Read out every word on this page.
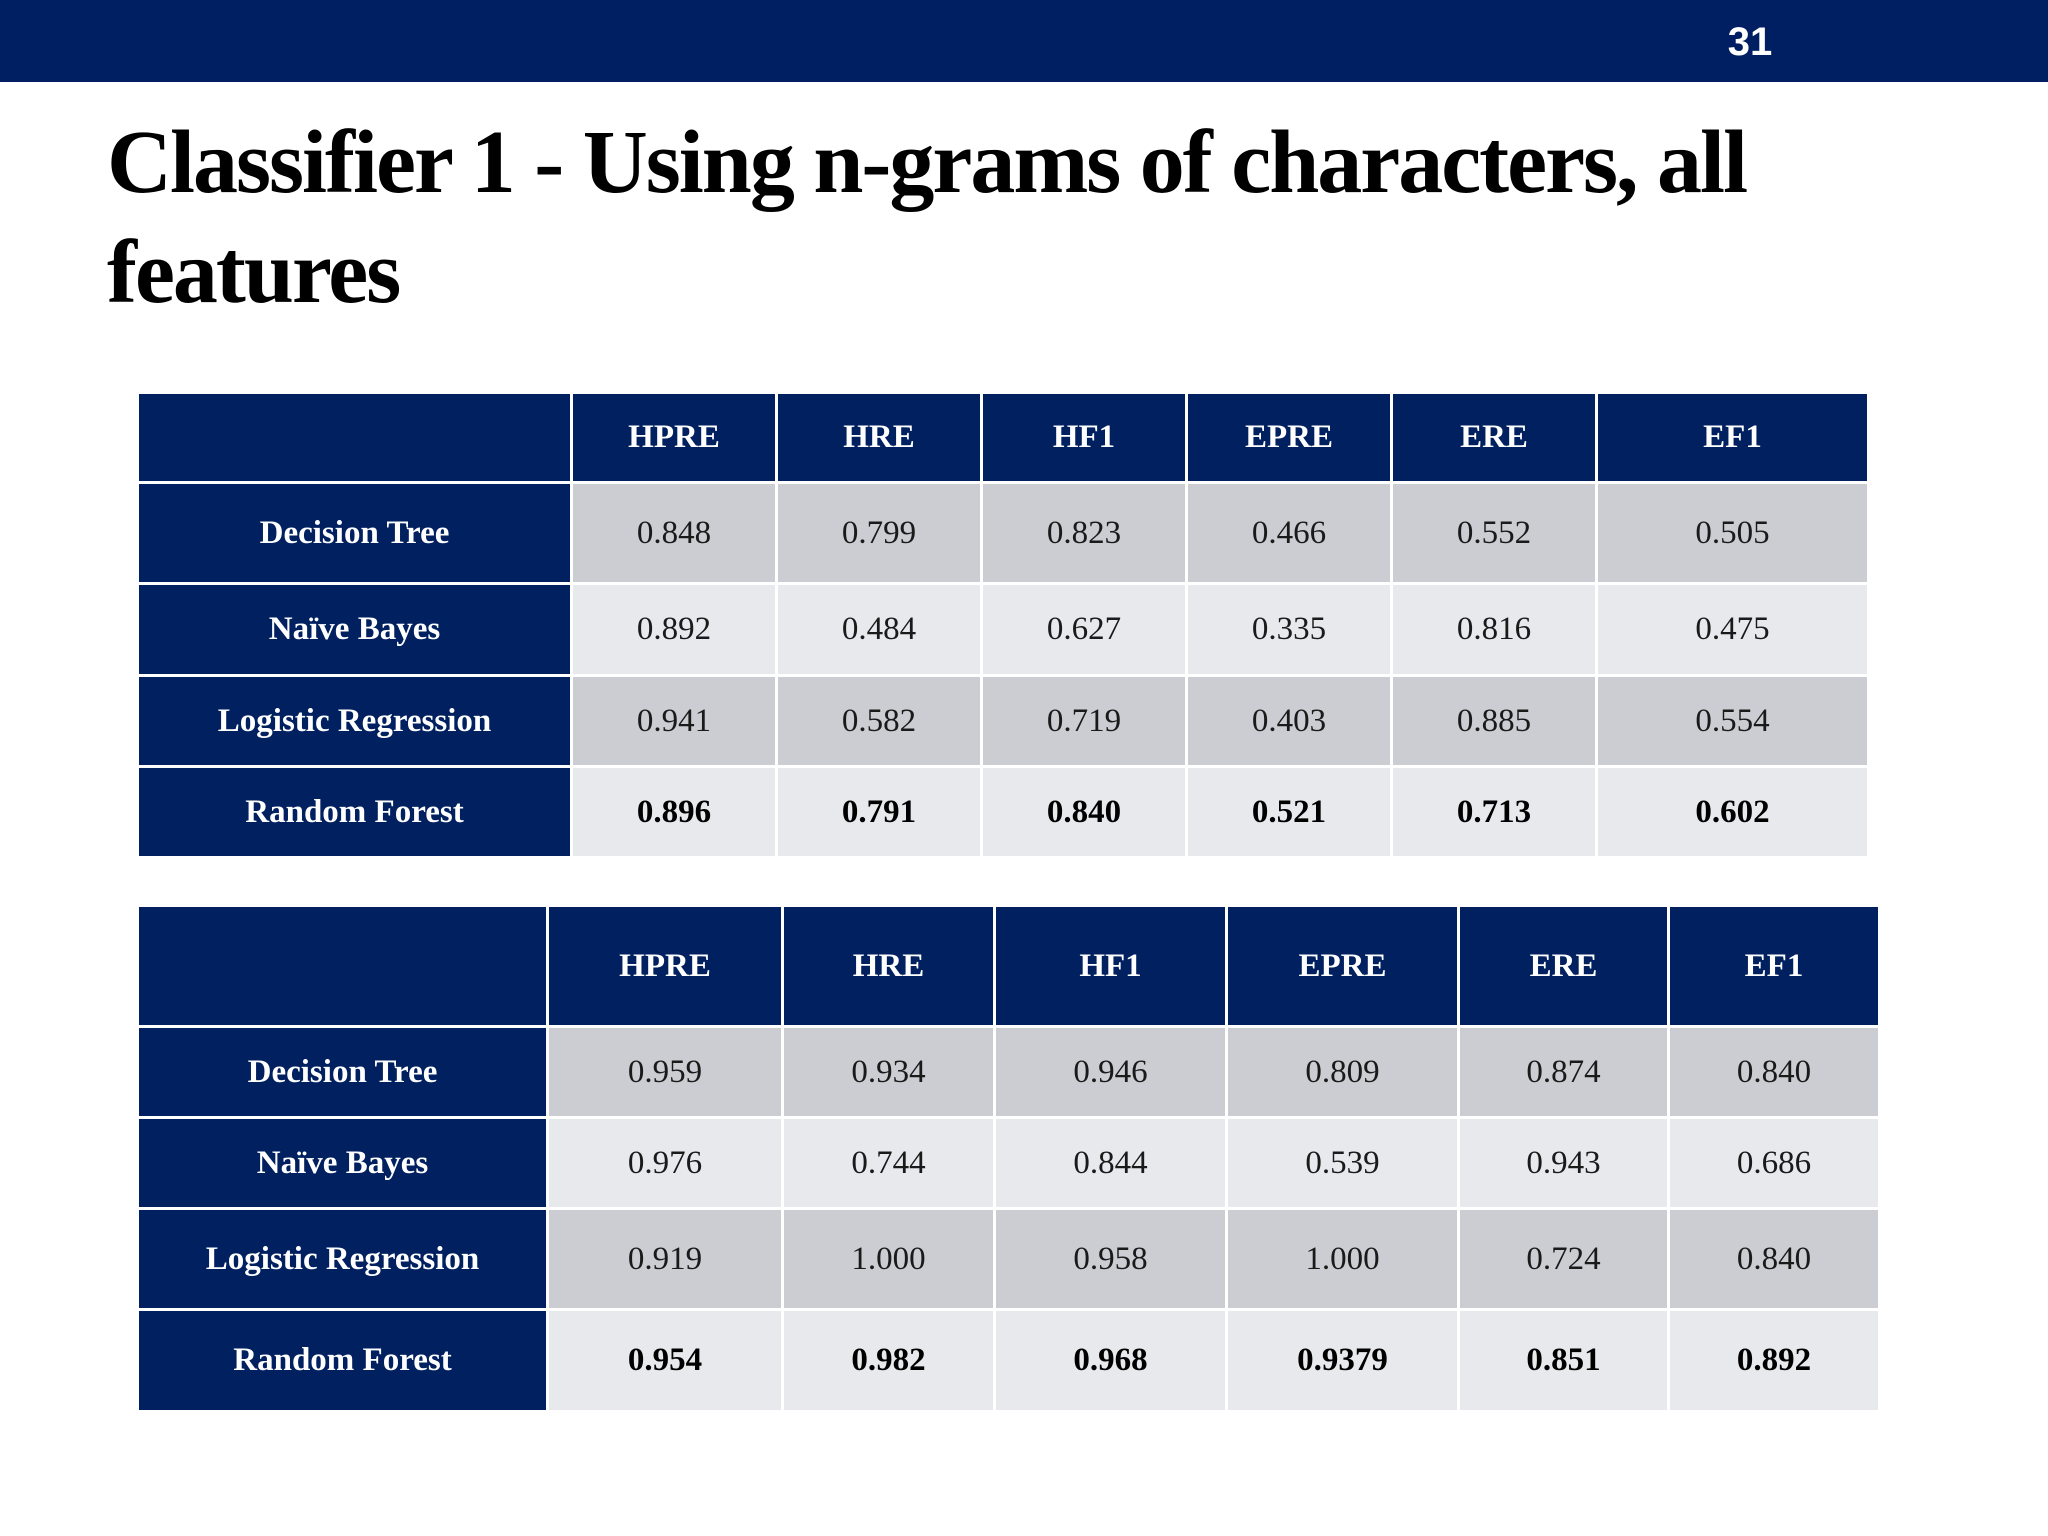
31
Classifier 1 - Using n-grams of characters, all features
	HPRE	HRE	HF1	EPRE	ERE	EF1
Decision Tree	0.848	0.799	0.823	0.466	0.552	0.505
Naïve Bayes	0.892	0.484	0.627	0.335	0.816	0.475
Logistic Regression	0.941	0.582	0.719	0.403	0.885	0.554
Random Forest	0.896	0.791	0.840	0.521	0.713	0.602
	HPRE	HRE	HF1	EPRE	ERE	EF1
Decision Tree	0.959	0.934	0.946	0.809	0.874	0.840
Naïve Bayes	0.976	0.744	0.844	0.539	0.943	0.686
Logistic Regression	0.919	1.000	0.958	1.000	0.724	0.840
Random Forest	0.954	0.982	0.968	0.9379	0.851	0.892
